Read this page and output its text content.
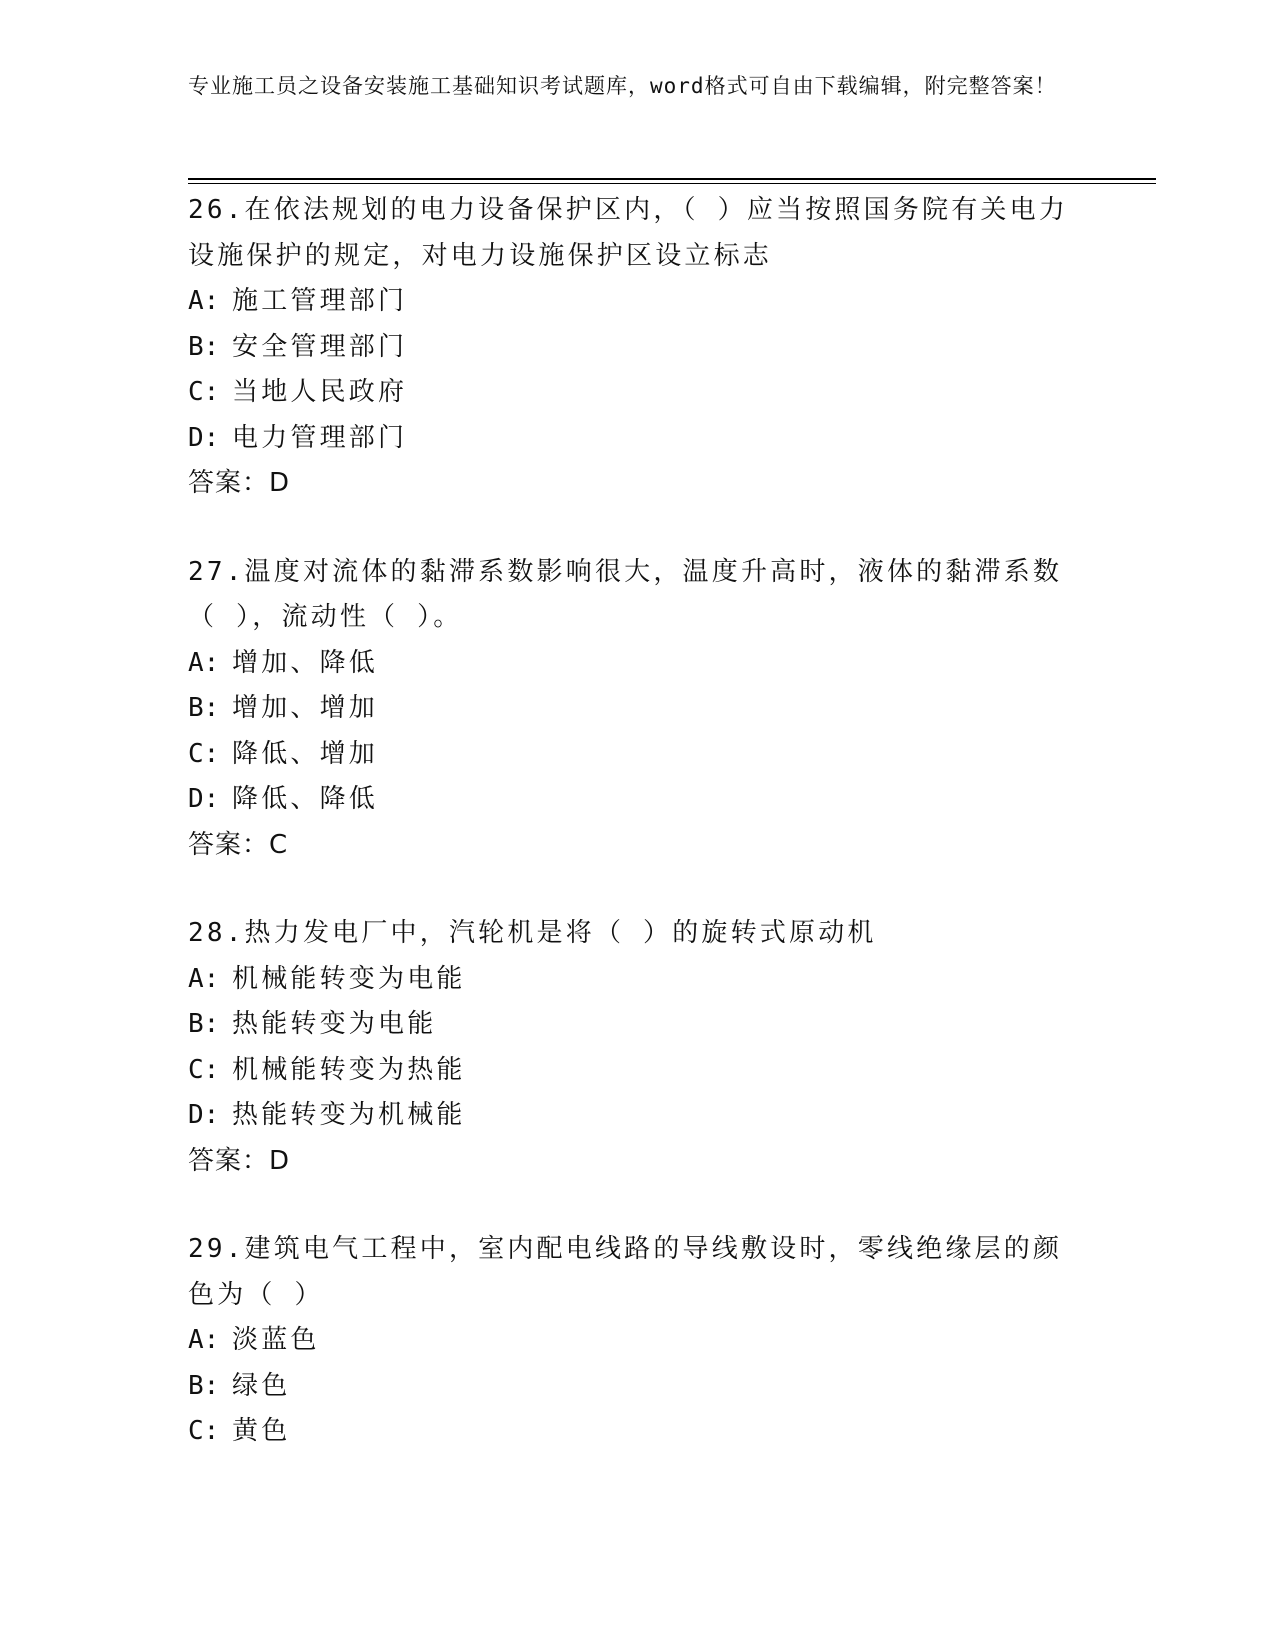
专业施工员之设备安装施工基础知识考试题库，word格式可自由下载编辑，附完整答案！

26.在依法规划的电力设备保护区内，（ ）应当按照国务院有关电力设施保护的规定，对电力设施保护区设立标志

A: 施工管理部门

B: 安全管理部门

C: 当地人民政府

D: 电力管理部门

答案：D

27.温度对流体的黏滞系数影响很大，温度升高时，液体的黏滞系数（ ），流动性（ ）。

A: 增加、降低

B: 增加、增加

C: 降低、增加

D: 降低、降低

答案：C

28.热力发电厂中，汽轮机是将（ ）的旋转式原动机

A: 机械能转变为电能

B: 热能转变为电能

C: 机械能转变为热能

D: 热能转变为机械能

答案：D

29.建筑电气工程中，室内配电线路的导线敷设时，零线绝缘层的颜色为（ ）

A: 淡蓝色

B: 绿色

C: 黄色
